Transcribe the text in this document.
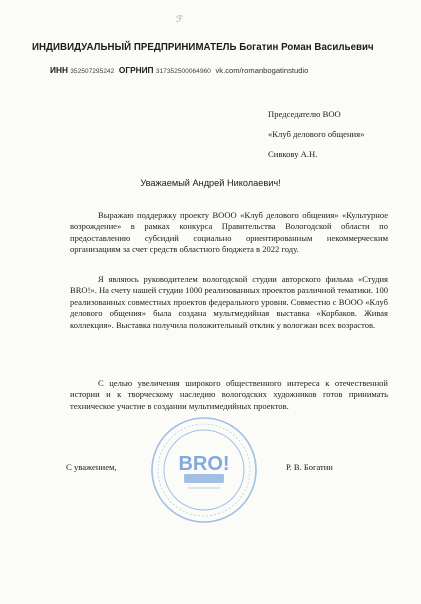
ℱ
ИНДИВИДУАЛЬНЫЙ ПРЕДПРИНИМАТЕЛЬ Богатин Роман Васильевич
ИНН 352507295242 ОГРНИП 317352500064960 vk.com/romanbogatinstudio
Председателю ВОО
«Клуб делового общения»
Сивкову А.Н.
Уважаемый Андрей Николаевич!

Выражаю поддержку проекту ВООО «Клуб делового общения» «Культурное возрождение» в рамках конкурса Правительства Вологодской области по предоставлению субсидий социально ориентированным некоммерческим организациям за счет средств областного бюджета в 2022 году.

Я являюсь руководителем вологодской студии авторского фильма «Студия BRO!». На счету нашей студии 1000 реализованных проектов различной тематики. 100 реализованных совместных проектов федерального уровня. Совместно с ВООО «Клуб делового общения» была создана мультмедийная выставка «Корбаков. Живая коллекция». Выставка получила положительный отклик у вологжан всех возрастов.

С целью увеличения широкого общественного интереса к отечественной истории и к творческому наследию вологодских художников готов принимать техническое участие в создании мультимедийных проектов.

BRO!
С уважением,	Р. В. Богатин
